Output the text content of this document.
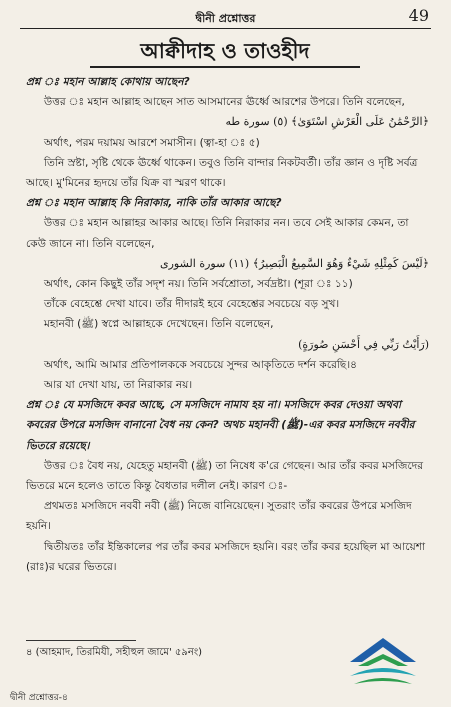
দ্বীনী প্রশ্নোত্তর	49
আক্বীদাহ ও তাওহীদ

প্রশ্ন ঃ মহান আল্লাহ কোথায় আছেন?

উত্তর ঃ মহান আল্লাহ আছেন সাত আসমানের ঊর্ধ্বে আরশের উপরে। তিনি বলেছেন,

﴿الرَّحْمَٰنُ عَلَى الْعَرْشِ اسْتَوَىٰ﴾ (٥) سورة طه

অর্থাৎ, পরম দয়াময় আরশে সমাসীন। (ত্বা-হা ঃ ৫)

তিনি স্রষ্টা, সৃষ্টি থেকে ঊর্ধ্বে থাকেন। তবুও তিনি বান্দার নিকটবর্তী। তাঁর জ্ঞান ও দৃষ্টি সর্বত্র আছে। মু'মিনের হৃদয়ে তাঁর যিক্র বা স্মরণ থাকে।

প্রশ্ন ঃ মহান আল্লাহ কি নিরাকার, নাকি তাঁর আকার আছে?

উত্তর ঃ মহান আল্লাহর আকার আছে। তিনি নিরাকার নন। তবে সেই আকার কেমন, তা কেউ জানে না। তিনি বলেছেন,

﴿لَيْسَ كَمِثْلِهِ شَيْءٌ وَهُوَ السَّمِيعُ الْبَصِيرُ﴾ (١١) سورة الشورى

অর্থাৎ, কোন কিছুই তাঁর সদৃশ নয়। তিনি সর্বশ্রোতা, সর্বদ্রষ্টা। (শূরা ঃ ১১)

তাঁকে বেহেশ্তে দেখা যাবে। তাঁর দীদারই হবে বেহেশ্তের সবচেয়ে বড় সুখ।

মহানবী (ﷺ) স্বপ্নে আল্লাহকে দেখেছেন। তিনি বলেছেন,

(رَأَيْتُ رَبِّي فِي أَحْسَنِ صُورَةٍ)

অর্থাৎ, আমি আমার প্রতিপালককে সবচেয়ে সুন্দর আকৃতিতে দর্শন করেছি।৪

আর যা দেখা যায়, তা নিরাকার নয়।

প্রশ্ন ঃ যে মসজিদে কবর আছে, সে মসজিদে নামায হয় না। মসজিদে কবর দেওয়া অথবা কবরের উপরে মসজিদ বানানো বৈধ নয় কেন? অথচ মহানবী (ﷺ)-এর কবর মসজিদে নববীর ভিতরে রয়েছে।

উত্তর ঃ বৈধ নয়, যেহেতু মহানবী (ﷺ) তা নিষেধ ক'রে গেছেন। আর তাঁর কবর মসজিদের ভিতরে মনে হলেও তাতে কিন্তু বৈধতার দলীল নেই। কারণ ঃ-

প্রথমতঃ মসজিদে নববী নবী (ﷺ) নিজে বানিয়েছেন। সুতরাং তাঁর কবরের উপরে মসজিদ হয়নি।

দ্বিতীয়তঃ তাঁর ইন্তিকালের পর তাঁর কবর মসজিদে হয়নি। বরং তাঁর কবর হয়েছিল মা আয়েশা (রাঃ)র ঘরের ভিতরে।

৪ (আহমাদ, তিরমিযী, সহীহুল জামে' ৫৯নং)
দ্বীনী প্রশ্নোত্তর-৪
